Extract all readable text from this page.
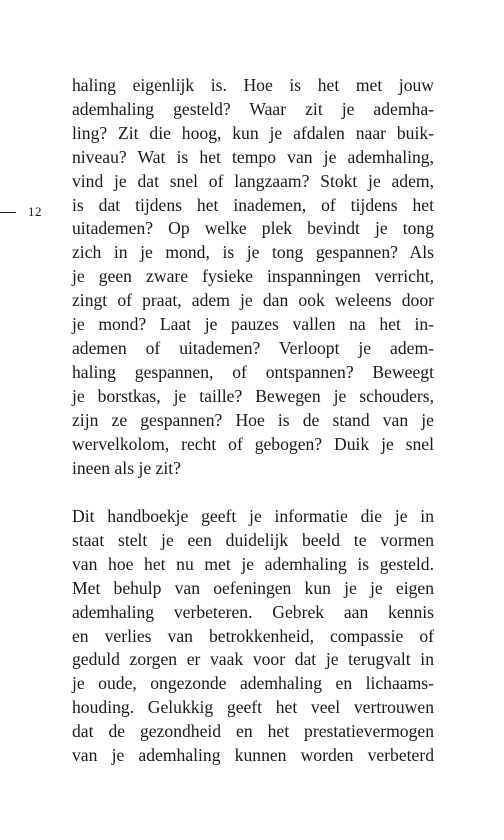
12
haling eigenlijk is. Hoe is het met jouw
ademhaling gesteld? Waar zit je ademha-
ling? Zit die hoog, kun je afdalen naar buik-
niveau? Wat is het tempo van je ademhaling,
vind je dat snel of langzaam? Stokt je adem,
is dat tijdens het inademen, of tijdens het
uitademen? Op welke plek bevindt je tong
zich in je mond, is je tong gespannen? Als
je geen zware fysieke inspanningen verricht,
zingt of praat, adem je dan ook weleens door
je mond? Laat je pauzes vallen na het in-
ademen of uitademen? Verloopt je adem-
haling gespannen, of ontspannen? Beweegt
je borstkas, je taille? Bewegen je schouders,
zijn ze gespannen? Hoe is de stand van je
wervelkolom, recht of gebogen? Duik je snel
ineen als je zit?
Dit handboekje geeft je informatie die je in
staat stelt je een duidelijk beeld te vormen
van hoe het nu met je ademhaling is gesteld.
Met behulp van oefeningen kun je je eigen
ademhaling verbeteren. Gebrek aan kennis
en verlies van betrokkenheid, compassie of
geduld zorgen er vaak voor dat je terugvalt in
je oude, ongezonde ademhaling en lichaams-
houding. Gelukkig geeft het veel vertrouwen
dat de gezondheid en het prestatievermogen
van je ademhaling kunnen worden verbeterd
